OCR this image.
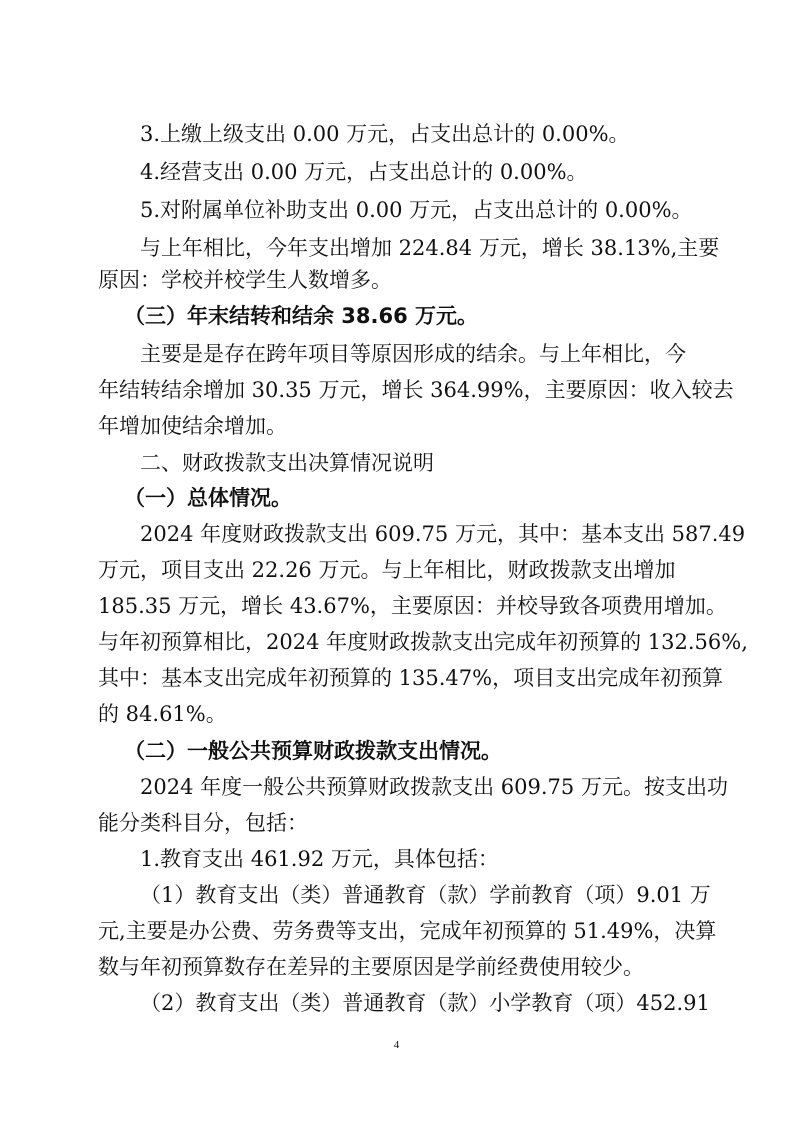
3.上缴上级支出 0.00 万元，占支出总计的 0.00%。
4.经营支出 0.00 万元，占支出总计的 0.00%。
5.对附属单位补助支出 0.00 万元，占支出总计的 0.00%。
与上年相比，今年支出增加 224.84 万元，增长 38.13%,主要
原因：学校并校学生人数增多。
（三）年末结转和结余 38.66 万元。
主要是是存在跨年项目等原因形成的结余。与上年相比，今
年结转结余增加 30.35 万元，增长 364.99%，主要原因：收入较去
年增加使结余增加。
二、财政拨款支出决算情况说明
（一）总体情况。
2024 年度财政拨款支出 609.75 万元，其中：基本支出 587.49
万元，项目支出 22.26 万元。与上年相比，财政拨款支出增加
185.35 万元，增长 43.67%，主要原因：并校导致各项费用增加。
与年初预算相比，2024 年度财政拨款支出完成年初预算的 132.56%,
其中：基本支出完成年初预算的 135.47%，项目支出完成年初预算
的 84.61%。
（二）一般公共预算财政拨款支出情况。
2024 年度一般公共预算财政拨款支出 609.75 万元。按支出功
能分类科目分，包括：
1.教育支出 461.92 万元，具体包括：
（1）教育支出（类）普通教育（款）学前教育（项）9.01 万
元,主要是办公费、劳务费等支出，完成年初预算的 51.49%，决算
数与年初预算数存在差异的主要原因是学前经费使用较少。
（2）教育支出（类）普通教育（款）小学教育（项）452.91
4
